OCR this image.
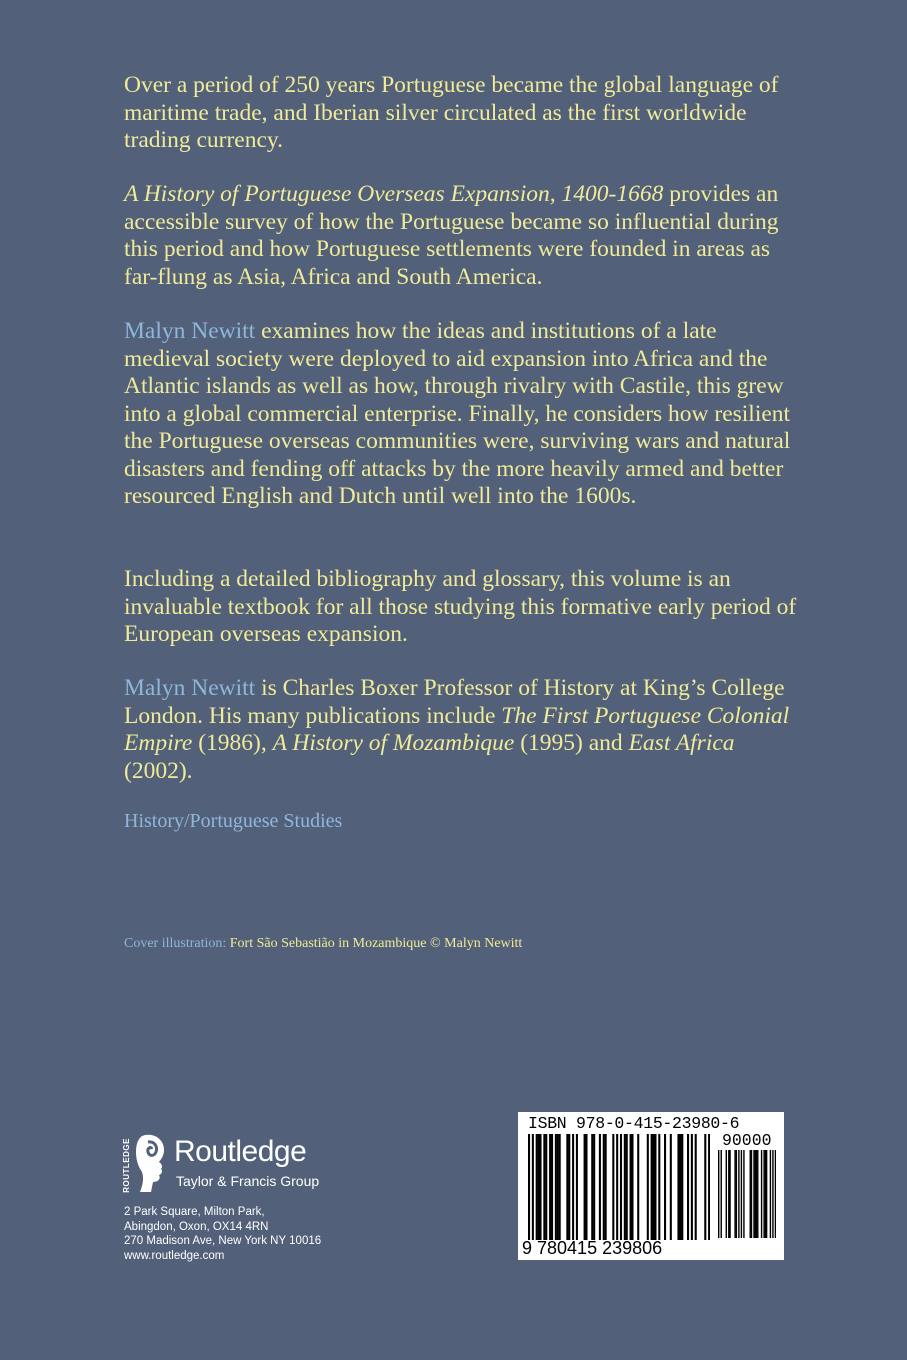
Over a period of 250 years Portuguese became the global language of maritime trade, and Iberian silver circulated as the first worldwide trading currency.

A History of Portuguese Overseas Expansion, 1400-1668 provides an accessible survey of how the Portuguese became so influential during this period and how Portuguese settlements were founded in areas as far-flung as Asia, Africa and South America.

Malyn Newitt examines how the ideas and institutions of a late medieval society were deployed to aid expansion into Africa and the Atlantic islands as well as how, through rivalry with Castile, this grew into a global commercial enterprise. Finally, he considers how resilient the Portuguese overseas communities were, surviving wars and natural disasters and fending off attacks by the more heavily armed and better resourced English and Dutch until well into the 1600s.

Including a detailed bibliography and glossary, this volume is an invaluable textbook for all those studying this formative early period of European overseas expansion.

Malyn Newitt is Charles Boxer Professor of History at King’s College London. His many publications include The First Portuguese Colonial Empire (1986), A History of Mozambique (1995) and East Africa (2002).

History/Portuguese Studies
Cover illustration: Fort São Sebastião in Mozambique © Malyn Newitt
ROUTLEDGE Routledge
Taylor & Francis Group
2 Park Square, Milton Park,
Abingdon, Oxon, OX14 4RN
270 Madison Ave, New York NY 10016
www.routledge.com
ISBN 978-0-415-23980-6
90000
9 780415 239806
